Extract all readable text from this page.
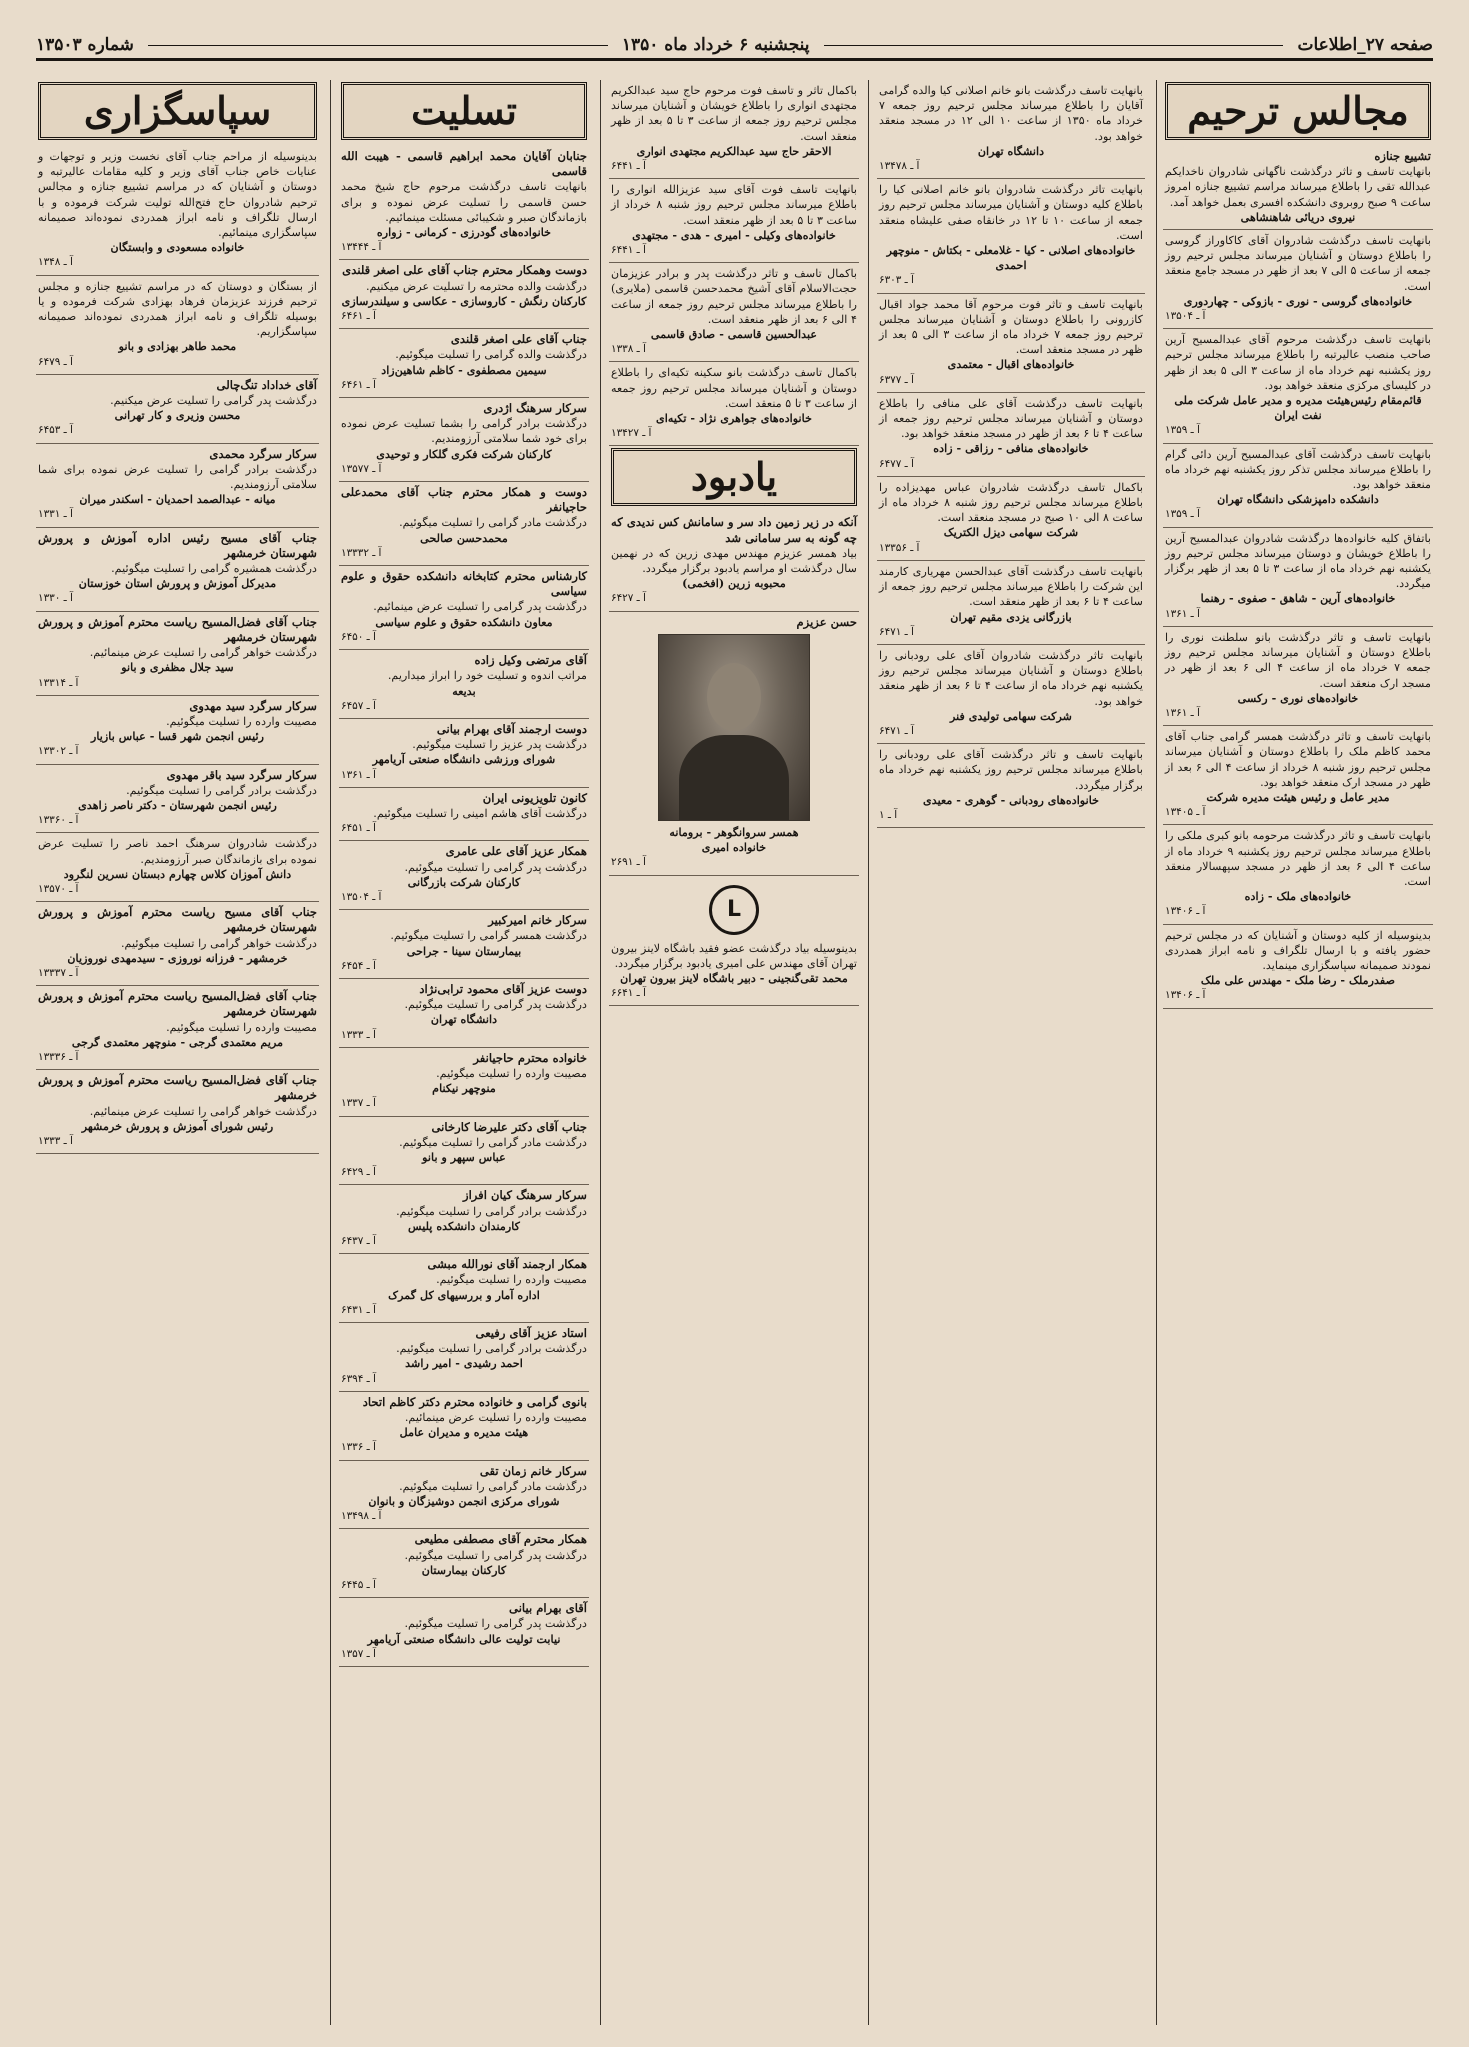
صفحه ۲۷_اطلاعات
پنجشنبه ۶ خرداد ماه ۱۳۵۰
شماره ۱۳۵۰۳
مجالس ترحیم
تشییع جنازه
بانهایت تاسف و تاثر درگذشت ناگهانی شادروان ناخدایکم عبدالله تقی را باطلاع میرساند مراسم تشییع جنازه امروز ساعت ۹ صبح روبروی دانشکده افسری بعمل خواهد آمد.
نیروی دریائی شاهنشاهی
بانهایت تاسف درگذشت شادروان آقای کاکاوراز گروسی را باطلاع دوستان و آشنایان میرساند مجلس ترحیم روز جمعه از ساعت ۵ الی ۷ بعد از ظهر در مسجد جامع منعقد است.
خانواده‌های گروسی - نوری - بازوکی - چهاردوری
آ ـ ۱۳۵۰۴
بانهایت تاسف درگذشت مرحوم آقای عبدالمسیح آرین صاحب منصب عالیرتبه را باطلاع میرساند مجلس ترحیم روز یکشنبه نهم خرداد ماه از ساعت ۳ الی ۵ بعد از ظهر در کلیسای مرکزی منعقد خواهد بود.
قائم‌مقام رئیس‌هیئت مدیره و مدیر عامل شرکت ملی نفت ایران
آ ـ ۱۳۵۹
بانهایت تاسف درگذشت آقای عبدالمسیح آرین دائی گرام را باطلاع میرساند مجلس تذکر روز یکشنبه نهم خرداد ماه منعقد خواهد بود.
دانشکده دامپزشکی دانشگاه تهران
آ ـ ۱۳۵۹
باتفاق کلیه خانواده‌ها درگذشت شادروان عبدالمسیح آرین را باطلاع خویشان و دوستان میرساند مجلس ترحیم روز یکشنبه نهم خرداد ماه از ساعت ۳ تا ۵ بعد از ظهر برگزار میگردد.
خانواده‌های آرین - شاهق - صفوی - رهنما
آ ـ ۱۳۶۱
بانهایت تاسف و تاثر درگذشت بانو سلطنت نوری را باطلاع دوستان و آشنایان میرساند مجلس ترحیم روز جمعه ۷ خرداد ماه از ساعت ۴ الی ۶ بعد از ظهر در مسجد ارک منعقد است.
خانواده‌های نوری - رکسی
آ ـ ۱۳۶۱
بانهایت تاسف و تاثر درگذشت همسر گرامی جناب آقای محمد کاظم ملک را باطلاع دوستان و آشنایان میرساند مجلس ترحیم روز شنبه ۸ خرداد از ساعت ۴ الی ۶ بعد از ظهر در مسجد ارک منعقد خواهد بود.
مدیر عامل و رئیس هیئت مدیره شرکت
آ ـ ۱۳۴۰۵
بانهایت تاسف و تاثر درگذشت مرحومه بانو کبری ملکی را باطلاع میرساند مجلس ترحیم روز یکشنبه ۹ خرداد ماه از ساعت ۴ الی ۶ بعد از ظهر در مسجد سپهسالار منعقد است.
خانواده‌های ملک - زاده
آ ـ ۱۳۴۰۶
بدینوسیله از کلیه دوستان و آشنایان که در مجلس ترحیم حضور یافته و با ارسال تلگراف و نامه ابراز همدردی نمودند صمیمانه سپاسگزاری مینماید.
صفدرملک - رضا ملک - مهندس علی ملک
آ ـ ۱۳۴۰۶
بانهایت تاسف درگذشت بانو خانم اصلانی کیا والده گرامی آقایان را باطلاع میرساند مجلس ترحیم روز جمعه ۷ خرداد ماه ۱۳۵۰ از ساعت ۱۰ الی ۱۲ در مسجد منعقد خواهد بود.
دانشگاه تهران
آ ـ ۱۳۴۷۸
بانهایت تاثر درگذشت شادروان بانو خانم اصلانی کیا را باطلاع کلیه دوستان و آشنایان میرساند مجلس ترحیم روز جمعه از ساعت ۱۰ تا ۱۲ در خانقاه صفی علیشاه منعقد است.
خانواده‌های اصلانی - کیا - غلامعلی - بکتاش - منوچهر احمدی
آ ـ ۶۳۰۳
بانهایت تاسف و تاثر فوت مرحوم آقا محمد جواد اقبال کازرونی را باطلاع دوستان و آشنایان میرساند مجلس ترحیم روز جمعه ۷ خرداد ماه از ساعت ۳ الی ۵ بعد از ظهر در مسجد منعقد است.
خانواده‌های اقبال - معتمدی
آ ـ ۶۳۷۷
بانهایت تاسف درگذشت آقای علی منافی را باطلاع دوستان و آشنایان میرساند مجلس ترحیم روز جمعه از ساعت ۴ تا ۶ بعد از ظهر در مسجد منعقد خواهد بود.
خانواده‌های منافی - رزاقی - زاده
آ ـ ۶۴۷۷
باکمال تاسف درگذشت شادروان عباس مهدیزاده را باطلاع میرساند مجلس ترحیم روز شنبه ۸ خرداد ماه از ساعت ۸ الی ۱۰ صبح در مسجد منعقد است.
شرکت سهامی دیزل الکتریک
آ ـ ۱۳۳۵۶
بانهایت تاسف درگذشت آقای عبدالحسن مهریاری کارمند این شرکت را باطلاع میرساند مجلس ترحیم روز جمعه از ساعت ۴ تا ۶ بعد از ظهر منعقد است.
بازرگانی یزدی مقیم تهران
آ ـ ۶۴۷۱
بانهایت تاثر درگذشت شادروان آقای علی رودبانی را باطلاع دوستان و آشنایان میرساند مجلس ترحیم روز یکشنبه نهم خرداد ماه از ساعت ۴ تا ۶ بعد از ظهر منعقد خواهد بود.
شرکت سهامی تولیدی فنر
آ ـ ۶۴۷۱
بانهایت تاسف و تاثر درگذشت آقای علی رودبانی را باطلاع میرساند مجلس ترحیم روز یکشنبه نهم خرداد ماه برگزار میگردد.
خانواده‌های رودبانی - گوهری - معیدی
آ ـ ۱
باکمال تاثر و تاسف فوت مرحوم حاج سید عبدالکریم مجتهدی انواری را باطلاع خویشان و آشنایان میرساند مجلس ترحیم روز جمعه از ساعت ۳ تا ۵ بعد از ظهر منعقد است.
الاحقر حاج سید عبدالکریم مجتهدی انواری
آ ـ ۶۴۴۱
بانهایت تاسف فوت آقای سید عزیزالله انواری را باطلاع میرساند مجلس ترحیم روز شنبه ۸ خرداد از ساعت ۳ تا ۵ بعد از ظهر منعقد است.
خانواده‌های وکیلی - امیری - هدی - مجتهدی
آ ـ ۶۴۴۱
باکمال تاسف و تاثر درگذشت پدر و برادر عزیزمان حجت‌الاسلام آقای آشیخ محمدحسن قاسمی (ملایری) را باطلاع میرساند مجلس ترحیم روز جمعه از ساعت ۴ الی ۶ بعد از ظهر منعقد است.
عبدالحسین قاسمی - صادق قاسمی
آ ـ ۱۳۳۸
باکمال تاسف درگذشت بانو سکینه تکیه‌ای را باطلاع دوستان و آشنایان میرساند مجلس ترحیم روز جمعه از ساعت ۳ تا ۵ منعقد است.
خانواده‌های جواهری نژاد - تکیه‌ای
آ ـ ۱۳۴۲۷
یادبود
آنکه در زیر زمین داد سر و سامانش کس ندیدی که چه گونه به سر سامانی شد
بیاد همسر عزیزم مهندس مهدی زرین که در نهمین سال درگذشت او مراسم یادبود برگزار میگردد.
محبوبه زرین (افخمی)
آ ـ ۶۴۲۷
حسن عزیزم
همسر سروانگوهر - برومانه
خانواده امیری
آ ـ ۲۶۹۱
L
بدینوسیله بیاد درگذشت عضو فقید باشگاه لاینز بیرون تهران آقای مهندس علی امیری یادبود برگزار میگردد.
محمد تقی‌گنجینی - دبیر باشگاه لاینز بیرون تهران
آ ـ ۶۶۴۱
تسلیت
جنابان آقایان محمد ابراهیم قاسمی - هیبت الله قاسمی
بانهایت تاسف درگذشت مرحوم حاج شیخ محمد حسن قاسمی را تسلیت عرض نموده و برای بازماندگان صبر و شکیبائی مسئلت مینمائیم.
خانواده‌های گودرزی - کرمانی - زواره
آ ـ ۱۳۴۴۴
دوست وهمکار محترم جناب آقای علی اصغر قلندی
درگذشت والده محترمه را تسلیت عرض میکنیم.
کارکنان رنگش - کاروسازی - عکاسی و سیلندرسازی
آ ـ ۶۴۶۱
جناب آقای علی اصغر قلندی
درگذشت والده گرامی را تسلیت میگوئیم.
سیمین مصطفوی - کاظم شاهین‌زاد
آ ـ ۶۴۶۱
سرکار سرهنگ اژدری
درگذشت برادر گرامی را بشما تسلیت عرض نموده برای خود شما سلامتی آرزومندیم.
کارکنان شرکت فکری گلکار و توحیدی
آ ـ ۱۳۵۷۷
دوست و همکار محترم جناب آقای محمدعلی حاجیانفر
درگذشت مادر گرامی را تسلیت میگوئیم.
محمدحسن صالحی
آ ـ ۱۳۳۳۲
کارشناس محترم کتابخانه دانشکده حقوق و علوم سیاسی
درگذشت پدر گرامی را تسلیت عرض مینمائیم.
معاون دانشکده حقوق و علوم سیاسی
آ ـ ۶۴۵۰
آقای مرتضی وکیل زاده
مراتب اندوه و تسلیت خود را ابراز میداریم.
بدیعه
آ ـ ۶۴۵۷
دوست ارجمند آقای بهرام بیانی
درگذشت پدر عزیز را تسلیت میگوئیم.
شورای ورزشی دانشگاه صنعتی آریامهر
آ ـ ۱۳۶۱
کانون تلویزیونی ایران
درگذشت آقای هاشم امینی را تسلیت میگوئیم.
آ ـ ۶۴۵۱
همکار عزیز آقای علی عامری
درگذشت پدر گرامی را تسلیت میگوئیم.
کارکنان شرکت بازرگانی
آ ـ ۱۳۵۰۴
سرکار خانم امیرکبیر
درگذشت همسر گرامی را تسلیت میگوئیم.
بیمارستان سینا - جراحی
آ ـ ۶۴۵۴
دوست عزیز آقای محمود ترابی‌نژاد
درگذشت پدر گرامی را تسلیت میگوئیم.
دانشگاه تهران
آ ـ ۱۳۳۳
خانواده محترم حاجیانفر
مصیبت وارده را تسلیت میگوئیم.
منوچهر نیکنام
آ ـ ۱۳۳۷
جناب آقای دکتر علیرضا کارخانی
درگذشت مادر گرامی را تسلیت میگوئیم.
عباس سپهر و بانو
آ ـ ۶۴۲۹
سرکار سرهنگ کیان افراز
درگذشت برادر گرامی را تسلیت میگوئیم.
کارمندان دانشکده پلیس
آ ـ ۶۴۳۷
همکار ارجمند آقای نورالله مبشی
مصیبت وارده را تسلیت میگوئیم.
اداره آمار و بررسیهای کل گمرک
آ ـ ۶۴۳۱
استاد عزیز آقای رفیعی
درگذشت برادر گرامی را تسلیت میگوئیم.
احمد رشیدی - امیر راشد
آ ـ ۶۳۹۴
بانوی گرامی و خانواده محترم دکتر کاظم اتحاد
مصیبت وارده را تسلیت عرض مینمائیم.
هیئت مدیره و مدیران عامل
آ ـ ۱۳۳۶
سرکار خانم زمان تقی
درگذشت مادر گرامی را تسلیت میگوئیم.
شورای مرکزی انجمن دوشیزگان و بانوان
آ ـ ۱۳۴۹۸
همکار محترم آقای مصطفی مطیعی
درگذشت پدر گرامی را تسلیت میگوئیم.
کارکنان بیمارستان
آ ـ ۶۴۴۵
آقای بهرام بیانی
درگذشت پدر گرامی را تسلیت میگوئیم.
نیابت تولیت عالی دانشگاه صنعتی آریامهر
آ ـ ۱۳۵۷
سپاسگزاری
بدینوسیله از مراحم جناب آقای نخست وزیر و توجهات و عنایات خاص جناب آقای وزیر و کلیه مقامات عالیرتبه و دوستان و آشنایان که در مراسم تشییع جنازه و مجالس ترحیم شادروان حاج فتح‌الله تولیت شرکت فرموده و با ارسال تلگراف و نامه ابراز همدردی نموده‌اند صمیمانه سپاسگزاری مینمائیم.
خانواده مسعودی و وابستگان
آ ـ ۱۳۴۸
از بستگان و دوستان که در مراسم تشییع جنازه و مجلس ترحیم فرزند عزیزمان فرهاد بهزادی شرکت فرموده و یا بوسیله تلگراف و نامه ابراز همدردی نموده‌اند صمیمانه سپاسگزاریم.
محمد طاهر بهزادی و بانو
آ ـ ۶۴۷۹
آقای خداداد تنگ‌چالی
درگذشت پدر گرامی را تسلیت عرض میکنیم.
محسن وزیری و کار تهرانی
آ ـ ۶۴۵۳
سرکار سرگرد محمدی
درگذشت برادر گرامی را تسلیت عرض نموده برای شما سلامتی آرزومندیم.
میانه - عبدالصمد احمدیان - اسکندر میران
آ ـ ۱۳۳۱
جناب آقای مسیح رئیس اداره آموزش و پرورش شهرستان خرمشهر
درگذشت همشیره گرامی را تسلیت میگوئیم.
مدیرکل آموزش و پرورش استان خوزستان
آ ـ ۱۳۳۰
جناب آقای فضل‌المسیح ریاست محترم آموزش و پرورش شهرستان خرمشهر
درگذشت خواهر گرامی را تسلیت عرض مینمائیم.
سید جلال مظفری و بانو
آ ـ ۱۳۳۱۴
سرکار سرگرد سید مهدوی
مصیبت وارده را تسلیت میگوئیم.
رئیس انجمن شهر قسا - عباس بازیار
آ ـ ۱۳۳۰۲
سرکار سرگرد سید باقر مهدوی
درگذشت برادر گرامی را تسلیت میگوئیم.
رئیس انجمن شهرستان - دکتر ناصر زاهدی
آ ـ ۱۳۳۶۰
درگذشت شادروان سرهنگ احمد ناصر را تسلیت عرض نموده برای بازماندگان صبر آرزومندیم.
دانش آموزان کلاس چهارم دبستان نسرین لنگرود
آ ـ ۱۳۵۷۰
جناب آقای مسیح ریاست محترم آموزش و پرورش شهرستان خرمشهر
درگذشت خواهر گرامی را تسلیت میگوئیم.
خرمشهر - فرزانه نوروزی - سیدمهدی نوروزیان
آ ـ ۱۳۳۳۷
جناب آقای فضل‌المسیح ریاست محترم آموزش و پرورش شهرستان خرمشهر
مصیبت وارده را تسلیت میگوئیم.
مریم معتمدی گرجی - منوچهر معتمدی گرجی
آ ـ ۱۳۳۳۶
جناب آقای فضل‌المسیح ریاست محترم آموزش و پرورش خرمشهر
درگذشت خواهر گرامی را تسلیت عرض مینمائیم.
رئیس شورای آموزش و پرورش خرمشهر
آ ـ ۱۳۳۳
